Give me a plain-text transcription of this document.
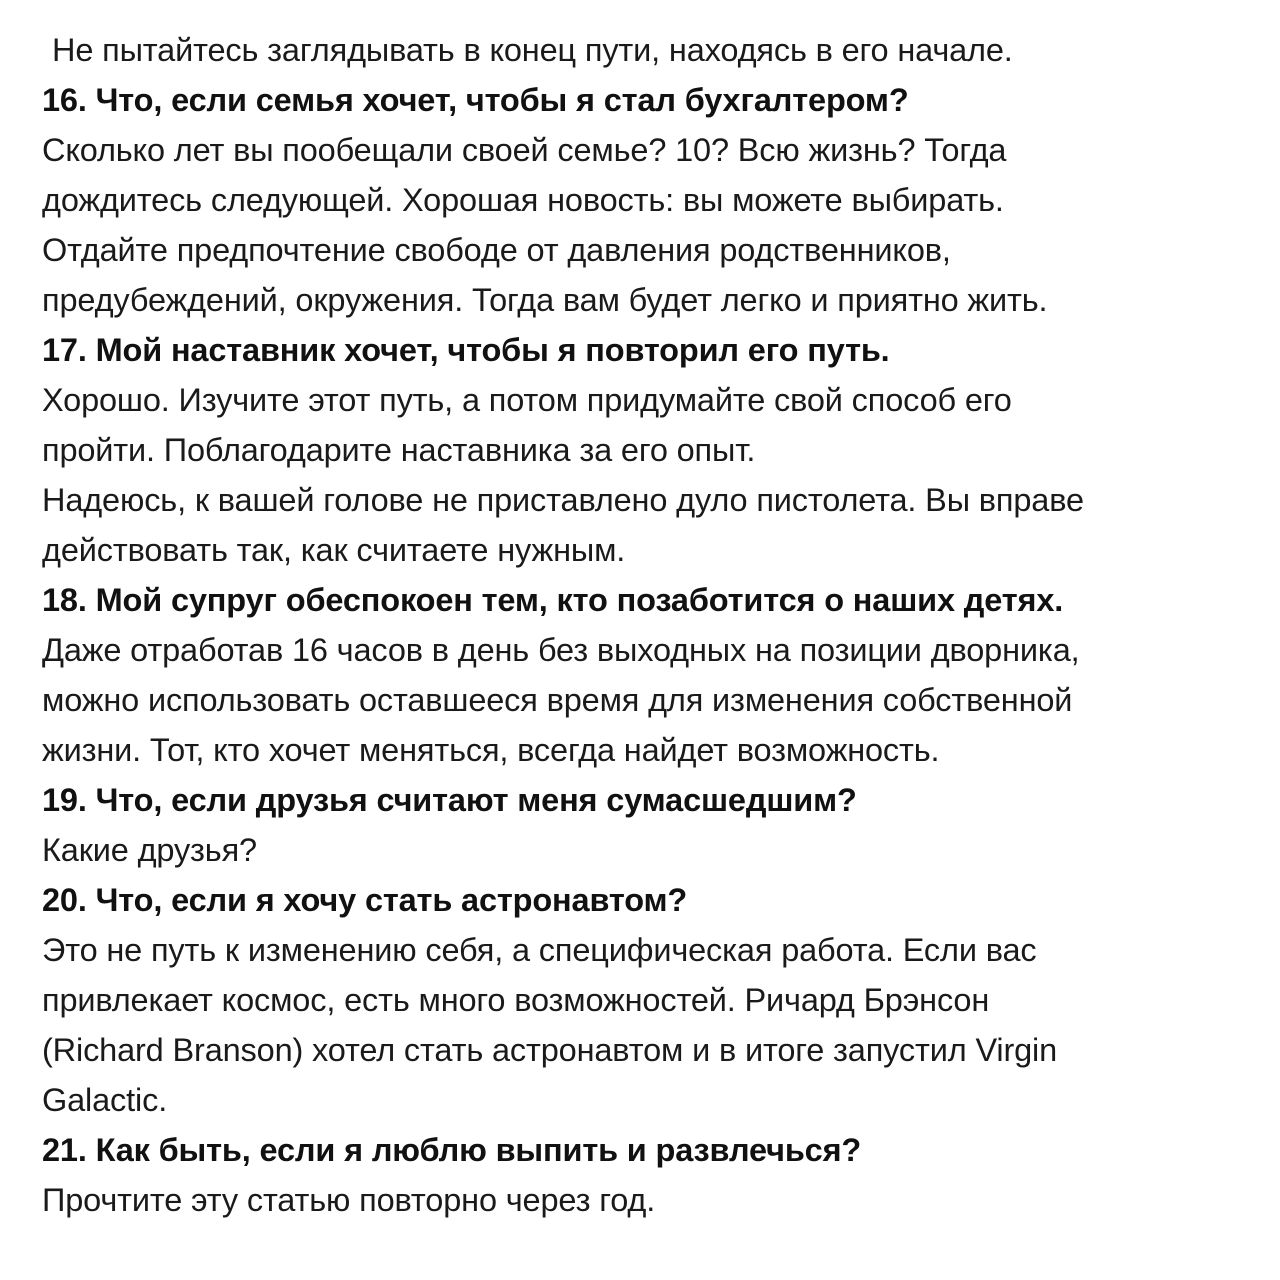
Не пытайтесь заглядывать в конец пути, находясь в его начале.
16. Что, если семья хочет, чтобы я стал бухгалтером?
Сколько лет вы пообещали своей семье? 10? Всю жизнь? Тогда
дождитесь следующей. Хорошая новость: вы можете выбирать.
Отдайте предпочтение свободе от давления родственников,
предубеждений, окружения. Тогда вам будет легко и приятно жить.
17. Мой наставник хочет, чтобы я повторил его путь.
Хорошо. Изучите этот путь, а потом придумайте свой способ его
пройти. Поблагодарите наставника за его опыт.
Надеюсь, к вашей голове не приставлено дуло пистолета. Вы вправе
действовать так, как считаете нужным.
18. Мой супруг обеспокоен тем, кто позаботится о наших детях.
Даже отработав 16 часов в день без выходных на позиции дворника,
можно использовать оставшееся время для изменения собственной
жизни. Тот, кто хочет меняться, всегда найдет возможность.
19. Что, если друзья считают меня сумасшедшим?
Какие друзья?
20. Что, если я хочу стать астронавтом?
Это не путь к изменению себя, а специфическая работа. Если вас
привлекает космос, есть много возможностей. Ричард Брэнсон
(Richard Branson) хотел стать астронавтом и в итоге запустил Virgin
Galactic.
21. Как быть, если я люблю выпить и развлечься?
Прочтите эту статью повторно через год.
